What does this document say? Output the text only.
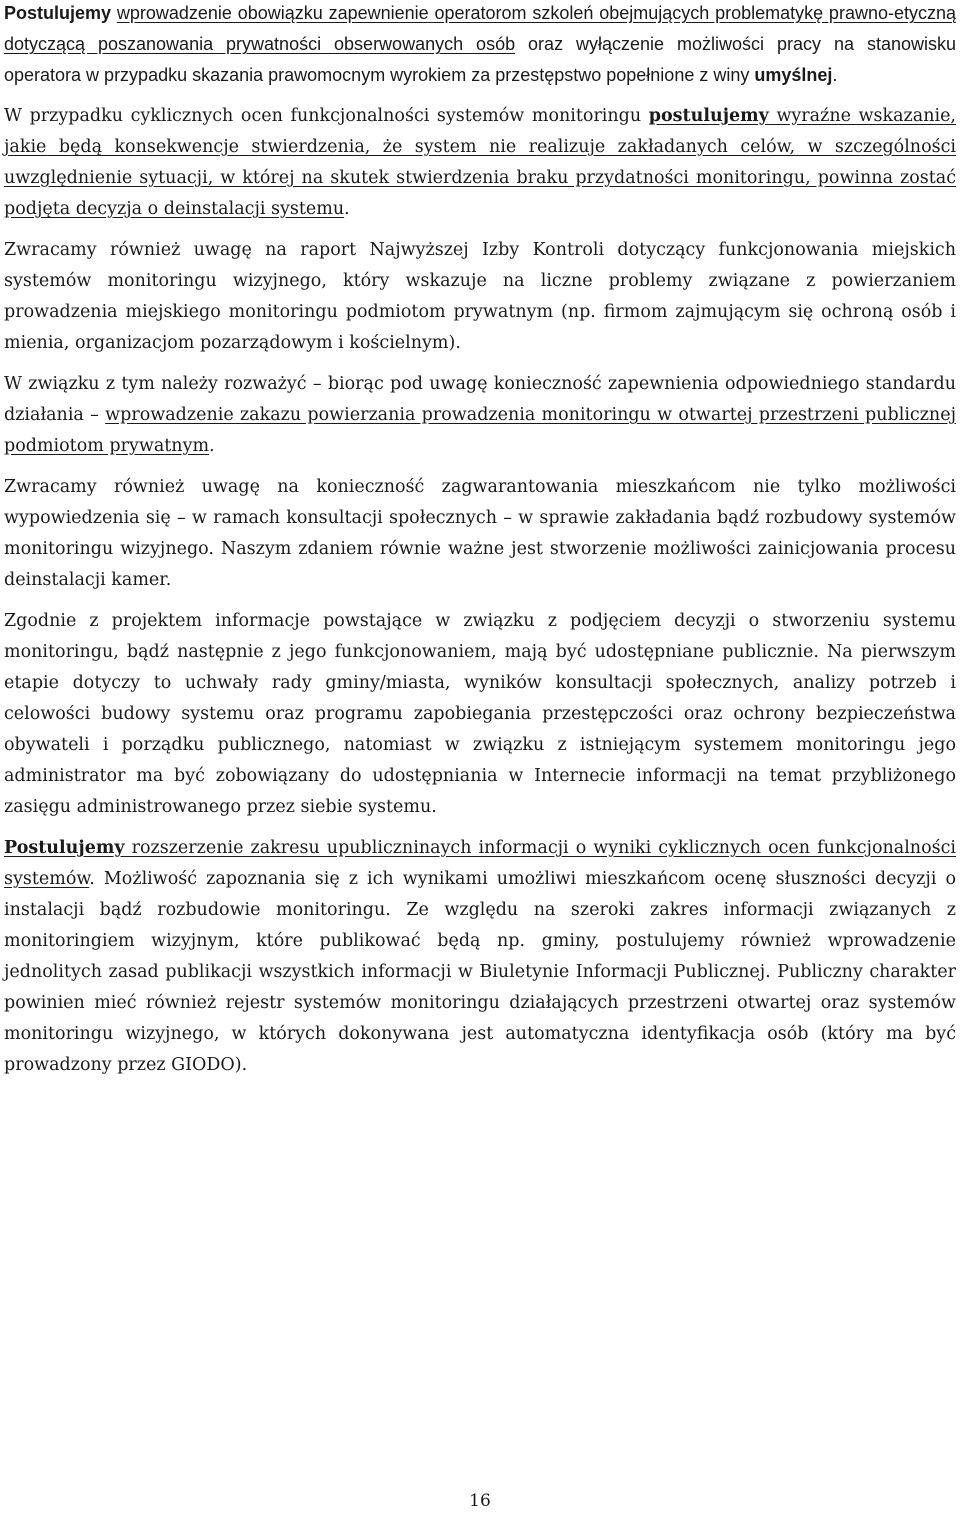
Postulujemy wprowadzenie obowiązku zapewnienie operatorom szkoleń obejmujących problematykę prawno-etyczną dotyczącą poszanowania prywatności obserwowanych osób oraz wyłączenie możliwości pracy na stanowisku operatora w przypadku skazania prawomocnym wyrokiem za przestępstwo popełnione z winy umyślnej.

W przypadku cyklicznych ocen funkcjonalności systemów monitoringu postulujemy wyraźne wskazanie, jakie będą konsekwencje stwierdzenia, że system nie realizuje zakładanych celów, w szczególności uwzględnienie sytuacji, w której na skutek stwierdzenia braku przydatności monitoringu, powinna zostać podjęta decyzja o deinstalacji systemu.

Zwracamy również uwagę na raport Najwyższej Izby Kontroli dotyczący funkcjonowania miejskich systemów monitoringu wizyjnego, który wskazuje na liczne problemy związane z powierzaniem prowadzenia miejskiego monitoringu podmiotom prywatnym (np. firmom zajmującym się ochroną osób i mienia, organizacjom pozarządowym i kościelnym).

W związku z tym należy rozważyć – biorąc pod uwagę konieczność zapewnienia odpowiedniego standardu działania – wprowadzenie zakazu powierzania prowadzenia monitoringu w otwartej przestrzeni publicznej podmiotom prywatnym.

Zwracamy również uwagę na konieczność zagwarantowania mieszkańcom nie tylko możliwości wypowiedzenia się – w ramach konsultacji społecznych – w sprawie zakładania bądź rozbudowy systemów monitoringu wizyjnego. Naszym zdaniem równie ważne jest stworzenie możliwości zainicjowania procesu deinstalacji kamer.

Zgodnie z projektem informacje powstające w związku z podjęciem decyzji o stworzeniu systemu monitoringu, bądź następnie z jego funkcjonowaniem, mają być udostępniane publicznie. Na pierwszym etapie dotyczy to uchwały rady gminy/miasta, wyników konsultacji społecznych, analizy potrzeb i celowości budowy systemu oraz programu zapobiegania przestępczości oraz ochrony bezpieczeństwa obywateli i porządku publicznego, natomiast w związku z istniejącym systemem monitoringu jego administrator ma być zobowiązany do udostępniania w Internecie informacji na temat przybliżonego zasięgu administrowanego przez siebie systemu.

Postulujemy rozszerzenie zakresu upubliczninaych informacji o wyniki cyklicznych ocen funkcjonalności systemów. Możliwość zapoznania się z ich wynikami umożliwi mieszkańcom ocenę słuszności decyzji o instalacji bądź rozbudowie monitoringu. Ze względu na szeroki zakres informacji związanych z monitoringiem wizyjnym, które publikować będą np. gminy, postulujemy również wprowadzenie jednolitych zasad publikacji wszystkich informacji w Biuletynie Informacji Publicznej. Publiczny charakter powinien mieć również rejestr systemów monitoringu działających przestrzeni otwartej oraz systemów monitoringu wizyjnego, w których dokonywana jest automatyczna identyfikacja osób (który ma być prowadzony przez GIODO).

16
